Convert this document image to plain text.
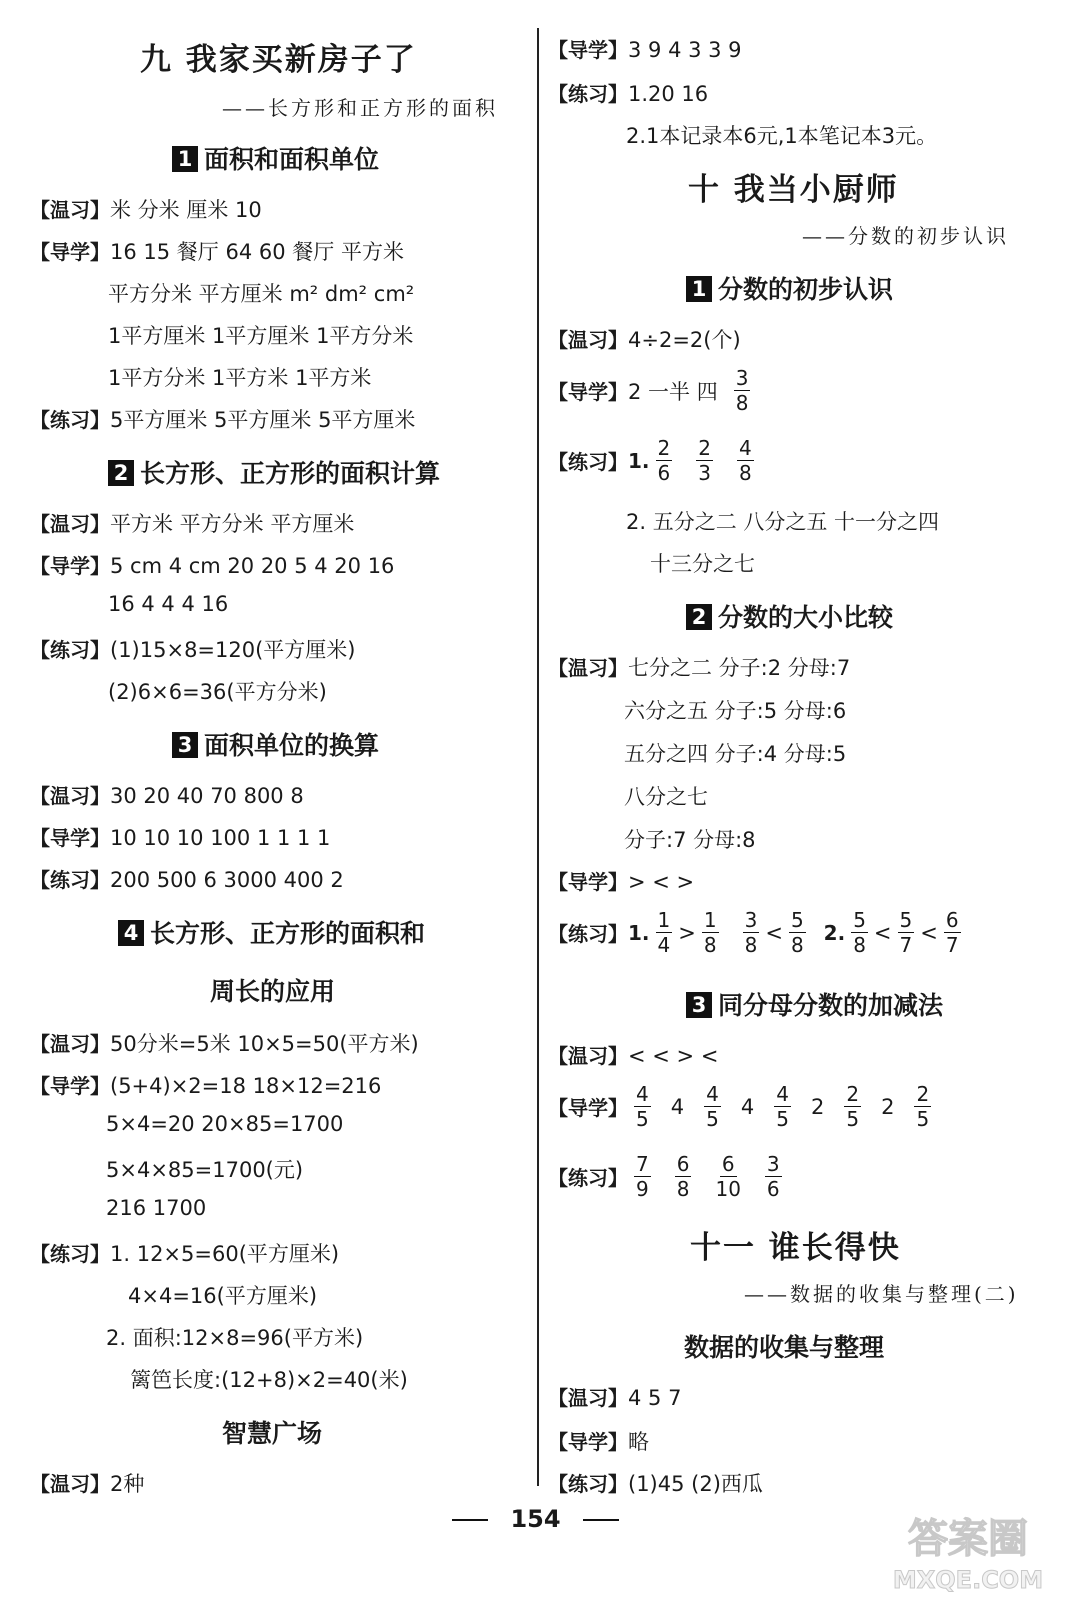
九 我家买新房子了
——长方形和正方形的面积
1 面积和面积单位
【温习】米 分米 厘米 10
【导学】16 15 餐厅 64 60 餐厅 平方米
平方分米 平方厘米 m² dm² cm²
1平方厘米 1平方厘米 1平方分米
1平方分米 1平方米 1平方米
【练习】5平方厘米 5平方厘米 5平方厘米
2 长方形、正方形的面积计算
【温习】平方米 平方分米 平方厘米
【导学】5 cm 4 cm 20 20 5 4 20 16
16 4 4 4 16
【练习】(1)15×8=120(平方厘米)
(2)6×6=36(平方分米)
3 面积单位的换算
【温习】30 20 40 70 800 8
【导学】10 10 10 100 1 1 1 1
【练习】200 500 6 3000 400 2
4 长方形、正方形的面积和
周长的应用
【温习】50分米=5米 10×5=50(平方米)
【导学】(5+4)×2=18 18×12=216
5×4=20 20×85=1700
5×4×85=1700(元)
216 1700
【练习】1. 12×5=60(平方厘米)
4×4=16(平方厘米)
2. 面积:12×8=96(平方米)
篱笆长度:(12+8)×2=40(米)
智慧广场
【温习】2种
【导学】3 9 4 3 3 9
【练习】1.20 16
2.1本记录本6元,1本笔记本3元。
十 我当小厨师
——分数的初步认识
1 分数的初步认识
【温习】4÷2=2(个)
【导学】 2 一半 四 $\frac{3}{8}$
【练习】 1. $\frac{2}{6} \frac{2}{3} \frac{4}{8}$
2. 五分之二 八分之五 十一分之四
十三分之七
2 分数的大小比较
【温习】七分之二 分子:2 分母:7
六分之五 分子:5 分母:6
五分之四 分子:4 分母:5
八分之七
分子:7 分母:8
【导学】> < >
【练习】 1. $\frac{1}{4} > \frac{1}{8} \frac{3}{8} < \frac{5}{8} 2$. $\frac{5}{8} < \frac{5}{7} < \frac{6}{7}$
3 同分母分数的加减法
【温习】< < > <
【导学】 $\frac{4}{5} 4 \frac{4}{5} 4 \frac{4}{5} 2 \frac{2}{5} 2 \frac{2}{5}$
【练习】 $\frac{7}{9} \frac{6}{8} \frac{6}{10} \frac{3}{6}$
十一 谁长得快
——数据的收集与整理(二)
数据的收集与整理
【温习】4 5 7
【导学】略
【练习】(1)45 (2)西瓜
154	答案圈
MXQE.COM
